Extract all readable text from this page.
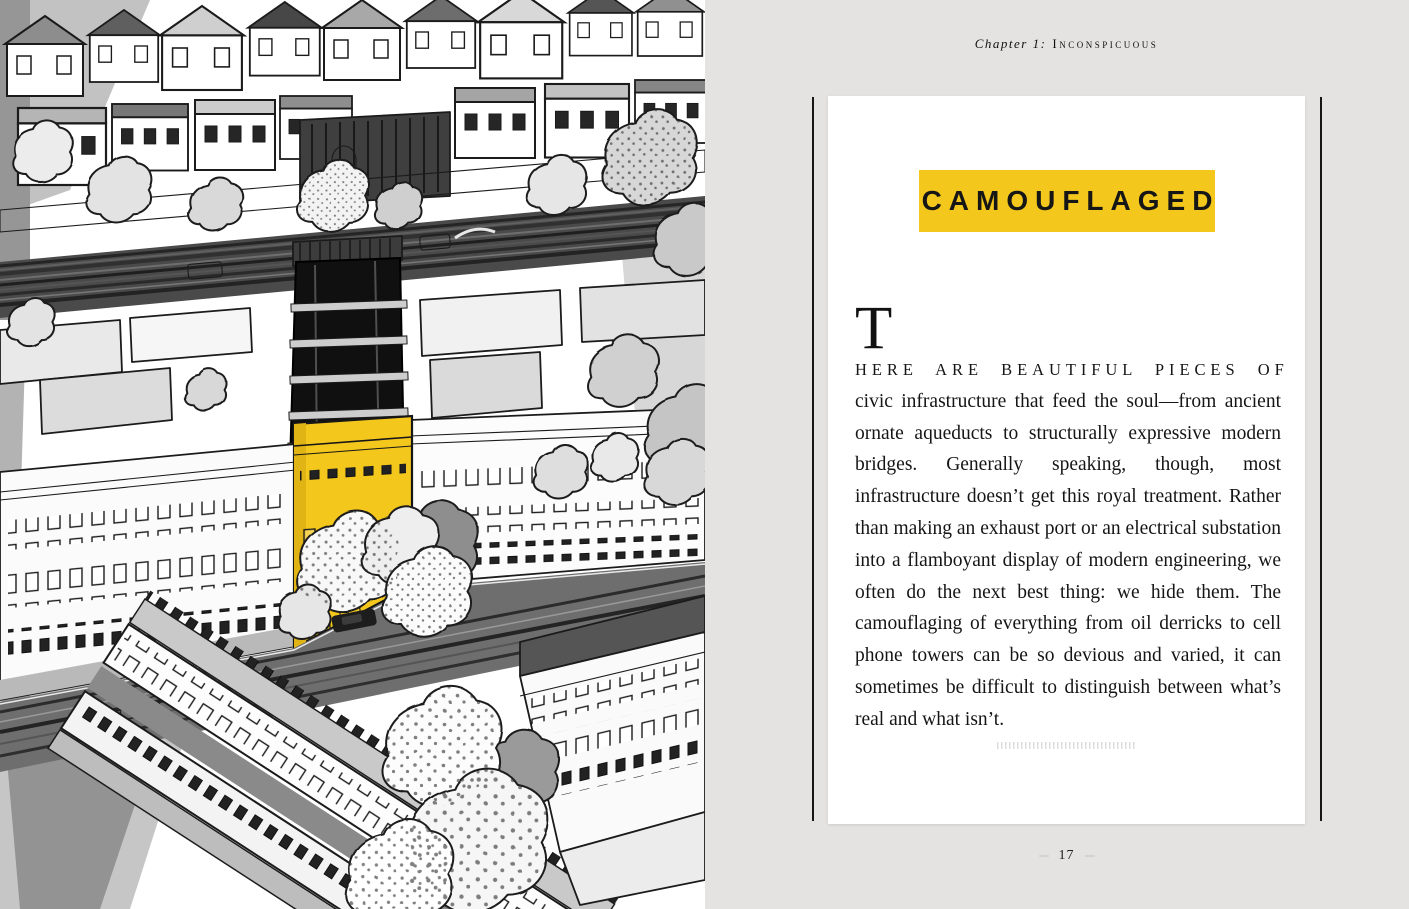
Chapter 1: Inconspicuous
CAMOUFLAGED

T
HERE ARE BEAUTIFUL PIECES OF
civic infrastructure that feed the soul—from ancient ornate aqueducts to structurally expressive modern bridges. Generally speaking, though, most infrastructure doesn’t get this royal treatment. Rather than making an exhaust port or an electrical substation into a flamboyant display of modern engineering, we often do the next best thing: we hide them. The camouflaging of everything from oil derricks to cell phone towers can be so devious and varied, it can sometimes be difficult to distinguish between what’s real and what isn’t.

17
